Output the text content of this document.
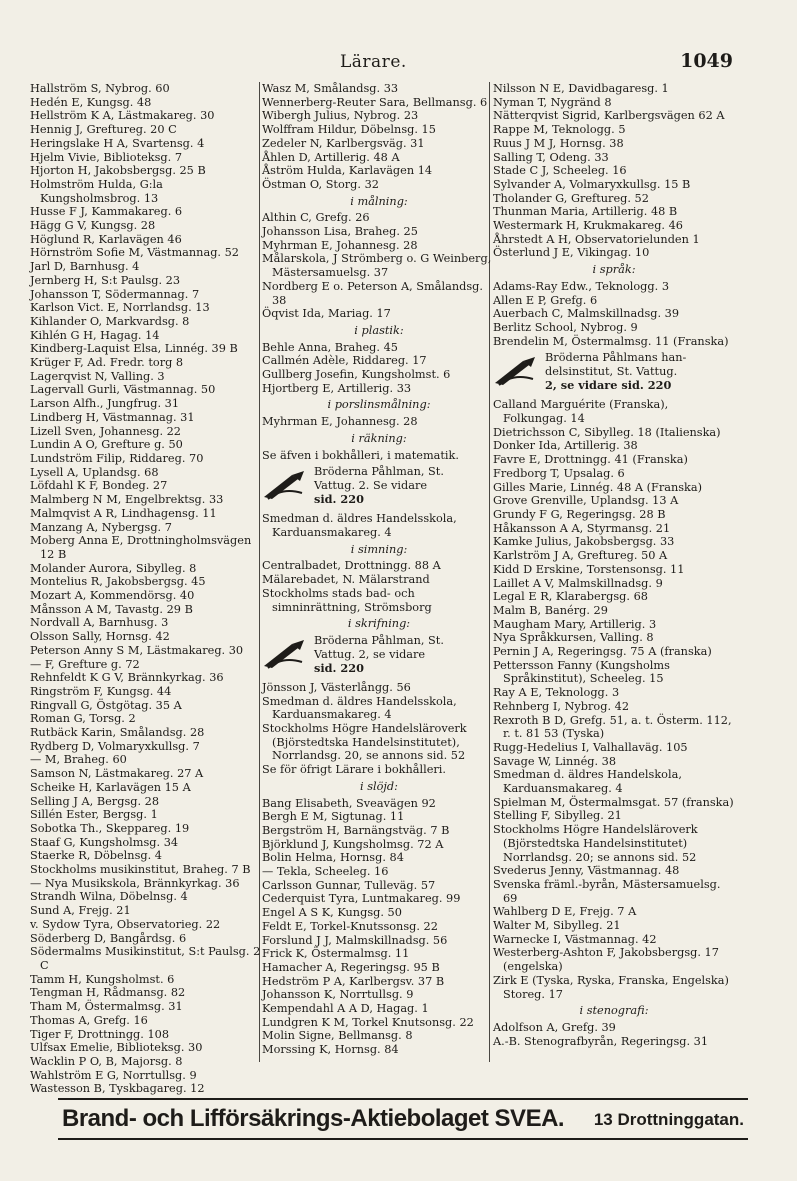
Lärare.	1049
Hallström S, Nybrog. 60
Hedén E, Kungsg. 48
Hellström K A, Lästmakareg. 30
Hennig J, Greftureg. 20 C
Heringslake H A, Svartensg. 4
Hjelm Vivie, Biblioteksg. 7
Hjorton H, Jakobsbergsg. 25 B
Holmström Hulda, G:la Kungsholmsbrog. 13
Husse F J, Kammakareg. 6
Hägg G V, Kungsg. 28
Höglund R, Karlavägen 46
Hörnström Sofie M, Västmannag. 52
Jarl D, Barnhusg. 4
Jernberg H, S:t Paulsg. 23
Johansson T, Södermannag. 7
Karlson Vict. E, Norrlandsg. 13
Kihlander O, Markvardsg. 8
Kihlén G H, Hagag. 14
Kindberg-Laquist Elsa, Linnég. 39 B
Krüger F, Ad. Fredr. torg 8
Lagerqvist N, Valling. 3
Lagervall Gurli, Västmannag. 50
Larson Alfh., Jungfrug. 31
Lindberg H, Västmannag. 31
Lizell Sven, Johannesg. 22
Lundin A O, Grefture g. 50
Lundström Filip, Riddareg. 70
Lysell A, Uplandsg. 68
Löfdahl K F, Bondeg. 27
Malmberg N M, Engelbrektsg. 33
Malmqvist A R, Lindhagensg. 11
Manzang A, Nybergsg. 7
Moberg Anna E, Drottningholmsvägen 12 B
Molander Aurora, Sibylleg. 8
Montelius R, Jakobsbergsg. 45
Mozart A, Kommendörsg. 40
Månsson A M, Tavastg. 29 B
Nordvall A, Barnhusg. 3
Olsson Sally, Hornsg. 42
Peterson Anny S M, Lästmakareg. 30
— F, Grefture g. 72
Rehnfeldt K G V, Brännkyrkag. 36
Ringström F, Kungsg. 44
Ringvall G, Östgötag. 35 A
Roman G, Torsg. 2
Rutbäck Karin, Smålandsg. 28
Rydberg D, Volmaryxkullsg. 7
— M, Braheg. 60
Samson N, Lästmakareg. 27 A
Scheike H, Karlavägen 15 A
Selling J A, Bergsg. 28
Sillén Ester, Bergsg. 1
Sobotka Th., Skeppareg. 19
Staaf G, Kungsholmsg. 34
Staerke R, Döbelnsg. 4
Stockholms musikinstitut, Braheg. 7 B
— Nya Musikskola, Brännkyrkag. 36
Strandh Wilna, Döbelnsg. 4
Sund A, Frejg. 21
v. Sydow Tyra, Observatorieg. 22
Söderberg D, Bangårdsg. 6
Södermalms Musikinstitut, S:t Paulsg. 2 C
Tamm H, Kungsholmst. 6
Tengman H, Rådmansg. 82
Tham M, Östermalmsg. 31
Thomas A, Grefg. 16
Tiger F, Drottningg. 108
Ulfsax Emelie, Biblioteksg. 30
Wacklin P O, B, Majorsg. 8
Wahlström E G, Norrtullsg. 9
Wastesson B, Tyskbagareg. 12
Wasz M, Smålandsg. 33
Wennerberg-Reuter Sara, Bellmansg. 6
Wibergh Julius, Nybrog. 23
Wolffram Hildur, Döbelnsg. 15
Zedeler N, Karlbergsväg. 31
Åhlen D, Artillerig. 48 A
Åström Hulda, Karlavägen 14
Östman O, Storg. 32
i målning:
Althin C, Grefg. 26
Johansson Lisa, Braheg. 25
Myhrman E, Johannesg. 28
Målarskola, J Strömberg o. G Weinberg, Mästersamuelsg. 37
Nordberg E o. Peterson A, Smålandsg. 38
Öqvist Ida, Mariag. 17
i plastik:
Behle Anna, Braheg. 45
Callmén Adèle, Riddareg. 17
Gullberg Josefin, Kungsholmst. 6
Hjortberg E, Artillerig. 33
i porslinsmålning:
Myhrman E, Johannesg. 28
i räkning:
Se äfven i bokhålleri, i matematik.
Bröderna Påhlman, St.
Vattug. 2. Se vidare
sid. 220
Smedman d. äldres Handelsskola, Karduansmakareg. 4
i simning:
Centralbadet, Drottningg. 88 A
Mälarebadet, N. Mälarstrand
Stockholms stads bad- och simninrättning, Strömsborg
i skrifning:
Bröderna Påhlman, St.
Vattug. 2, se vidare
sid. 220
Jönsson J, Västerlångg. 56
Smedman d. äldres Handelsskola, Karduansmakareg. 4
Stockholms Högre Handelsläroverk (Björstedtska Handelsinstitutet), Norrlandsg. 20, se annons sid. 52
Se för öfrigt Lärare i bokhålleri.
i slöjd:
Bang Elisabeth, Sveavägen 92
Bergh E M, Sigtunag. 11
Bergström H, Barnängstväg. 7 B
Björklund J, Kungsholmsg. 72 A
Bolin Helma, Hornsg. 84
— Tekla, Scheeleg. 16
Carlsson Gunnar, Tulleväg. 57
Cederquist Tyra, Luntmakareg. 99
Engel A S K, Kungsg. 50
Feldt E, Torkel-Knutssonsg. 22
Forslund J J, Malmskillnadsg. 56
Frick K, Östermalmsg. 11
Hamacher A, Regeringsg. 95 B
Hedström P A, Karlbergsv. 37 B
Johansson K, Norrtullsg. 9
Kempendahl A A D, Hagag. 1
Lundgren K M, Torkel Knutsonsg. 22
Molin Signe, Bellmansg. 8
Morssing K, Hornsg. 84
Nilsson N E, Davidbagaresg. 1
Nyman T, Nygränd 8
Nätterqvist Sigrid, Karlbergsvägen 62 A
Rappe M, Teknologg. 5
Ruus J M J, Hornsg. 38
Salling T, Odeng. 33
Stade C J, Scheeleg. 16
Sylvander A, Volmaryxkullsg. 15 B
Tholander G, Greftureg. 52
Thunman Maria, Artillerig. 48 B
Westermark H, Krukmakareg. 46
Åhrstedt A H, Observatorielunden 1
Österlund J E, Vikingag. 10
i språk:
Adams-Ray Edw., Teknologg. 3
Allen E P, Grefg. 6
Auerbach C, Malmskillnadsg. 39
Berlitz School, Nybrog. 9
Brendelin M, Östermalmsg. 11 (Franska)
Bröderna Påhlmans han-
delsinstitut, St. Vattug.
2, se vidare sid. 220
Calland Marguérite (Franska), Folkungag. 14
Dietrichsson C, Sibylleg. 18 (Italienska)
Donker Ida, Artillerig. 38
Favre E, Drottningg. 41 (Franska)
Fredborg T, Upsalag. 6
Gilles Marie, Linnég. 48 A (Franska)
Grove Grenville, Uplandsg. 13 A
Grundy F G, Regeringsg. 28 B
Håkansson A A, Styrmansg. 21
Kamke Julius, Jakobsbergsg. 33
Karlström J A, Greftureg. 50 A
Kidd D Erskine, Torstensonsg. 11
Laillet A V, Malmskillnadsg. 9
Legal E R, Klarabergsg. 68
Malm B, Banérg. 29
Maugham Mary, Artillerig. 3
Nya Språkkursen, Valling. 8
Pernin J A, Regeringsg. 75 A (franska)
Pettersson Fanny (Kungsholms Språkinstitut), Scheeleg. 15
Ray A E, Teknologg. 3
Rehnberg I, Nybrog. 42
Rexroth B D, Grefg. 51, a. t. Österm. 112, r. t. 81 53 (Tyska)
Rugg-Hedelius I, Valhallaväg. 105
Savage W, Linnég. 38
Smedman d. äldres Handelskola, Karduansmakareg. 4
Spielman M, Östermalmsgat. 57 (franska)
Stelling F, Sibylleg. 21
Stockholms Högre Handelsläroverk (Björstedtska Handelsinstitutet) Norrlandsg. 20; se annons sid. 52
Svederus Jenny, Västmannag. 48
Svenska främl.-byrån, Mästersamuelsg. 69
Wahlberg D E, Frejg. 7 A
Walter M, Sibylleg. 21
Warnecke I, Västmannag. 42
Westerberg-Ashton F, Jakobsbergsg. 17 (engelska)
Zirk E (Tyska, Ryska, Franska, Engelska) Storeg. 17
i stenografi:
Adolfson A, Grefg. 39
A.-B. Stenografbyrån, Regeringsg. 31
Brand- och Lifförsäkrings-Aktiebolaget SVEA. 13 Drottninggatan.
